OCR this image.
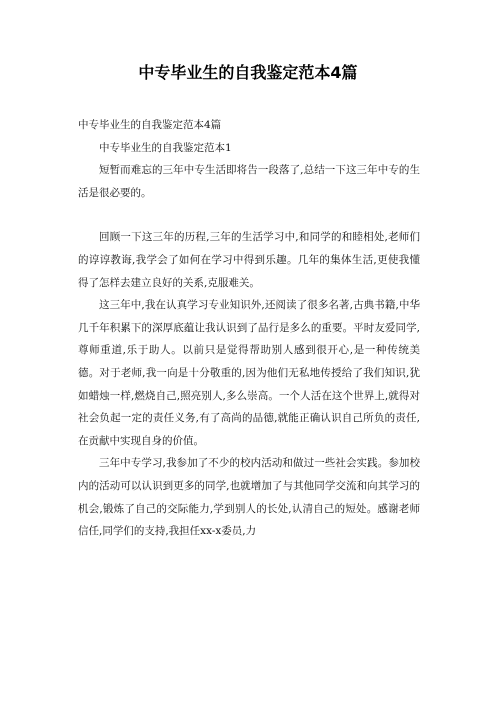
中专毕业生的自我鉴定范本4篇

中专毕业生的自我鉴定范本4篇

中专毕业生的自我鉴定范本1

短暂而难忘的三年中专生活即将告一段落了,总结一下这三年中专的生活是很必要的。

回顾一下这三年的历程,三年的生活学习中,和同学的和睦相处,老师们的谆谆教诲,我学会了如何在学习中得到乐趣。几年的集体生活,更使我懂得了怎样去建立良好的关系,克服难关。

这三年中,我在认真学习专业知识外,还阅读了很多名著,古典书籍,中华几千年积累下的深厚底蕴让我认识到了品行是多么的重要。平时友爱同学,尊师重道,乐于助人。以前只是觉得帮助别人感到很开心,是一种传统美德。对于老师,我一向是十分敬重的,因为他们无私地传授给了我们知识,犹如蜡烛一样,燃烧自己,照亮别人,多么崇高。一个人活在这个世界上,就得对社会负起一定的责任义务,有了高尚的品德,就能正确认识自己所负的责任,在贡献中实现自身的价值。

三年中专学习,我参加了不少的校内活动和做过一些社会实践。参加校内的活动可以认识到更多的同学,也就增加了与其他同学交流和向其学习的机会,锻炼了自己的交际能力,学到别人的长处,认清自己的短处。感谢老师信任,同学们的支持,我担任xx-x委员,力
